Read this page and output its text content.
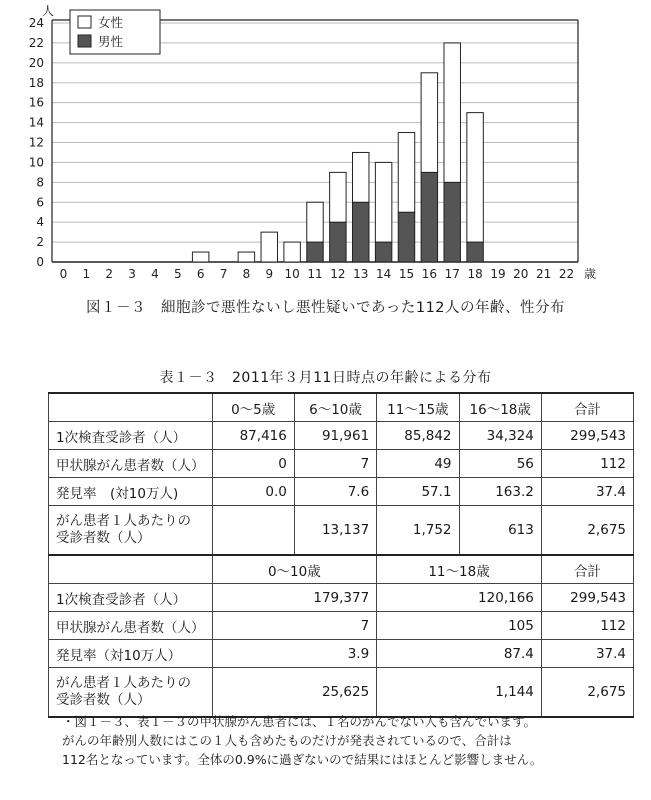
0
2
4
6
8
10
12
14
16
18
20
22
24
人
0 1 2 3 4 5 6 7 8 9 10 11 12 13 14 15 16 17 18 19 20 21 22 歳
女性
男性
図１－３　細胞診で悪性ないし悪性疑いであった112人の年齢、性分布
表１－３　2011年３月11日時点の年齢による分布
	0～5歳	6～10歳	11～15歳	16～18歳	合計
1次検査受診者（人）	87,416	91,961	85,842	34,324	299,543
甲状腺がん患者数（人）	0	7	49	56	112
発見率　(対10万人)	0.0	7.6	57.1	163.2	37.4

がん患者１人あたりの
受診者数（人）		13,137	1,752	613	2,675
	0～10歳		11～18歳		合計
1次検査受診者（人）	179,377		120,166		299,543
甲状腺がん患者数（人）	7		105		112
発見率（対10万人）	3.9		87.4		37.4

がん患者１人あたりの
受診者数（人）	25,625		1,144		2,675
・図１－３、表１－３の甲状腺がん患者には、１名のがんでない人も含んでいます。
がんの年齢別人数にはこの１人も含めたものだけが発表されているので、合計は
112名となっています。全体の0.9%に過ぎないので結果にはほとんど影響しません。
